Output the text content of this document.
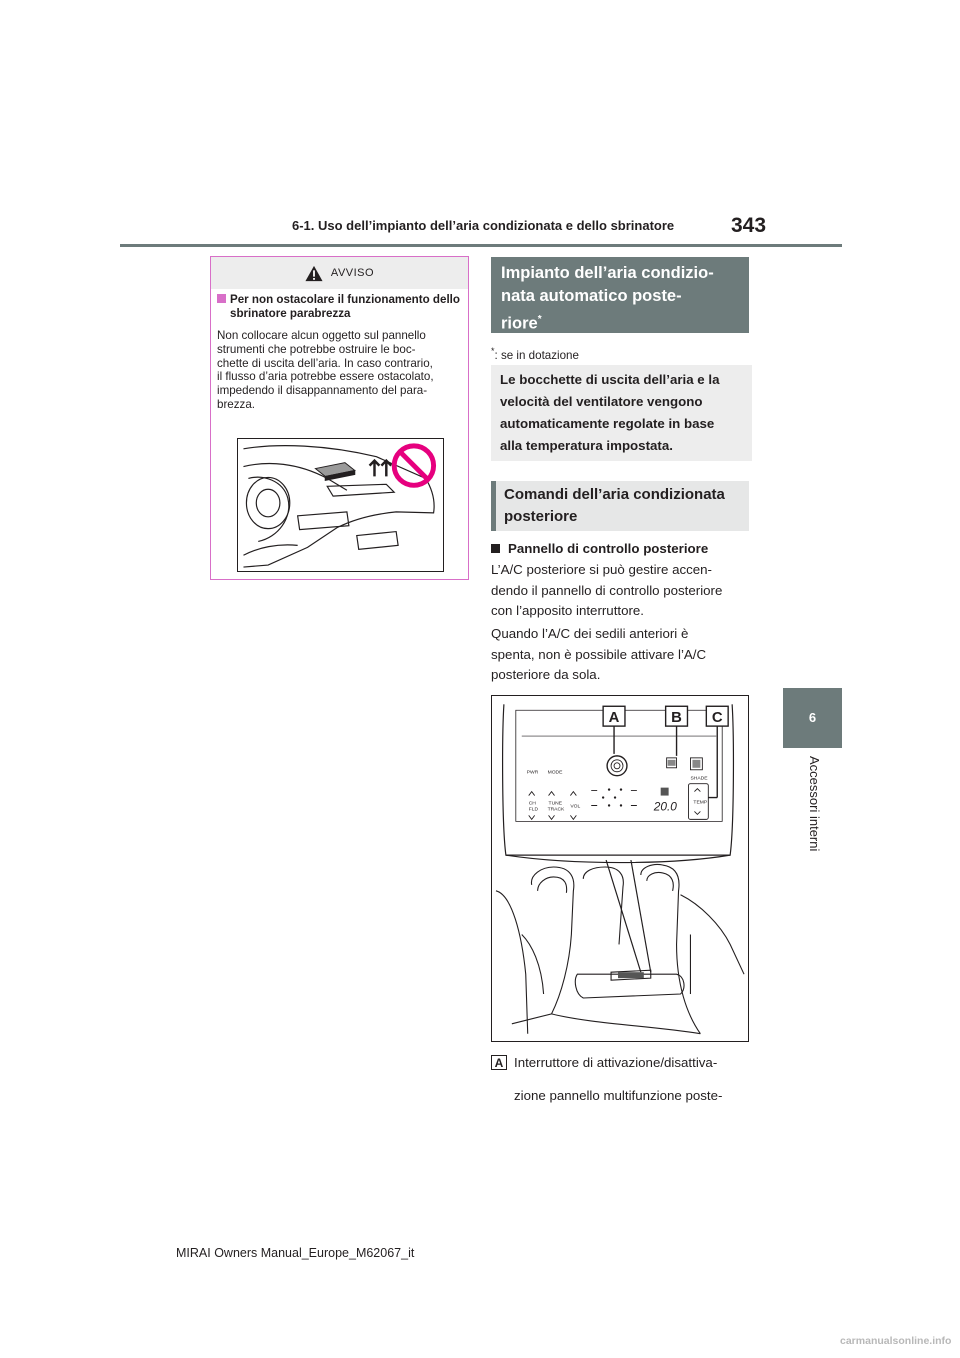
6-1. Uso dell’impianto dell’aria condizionata e dello sbrinatore	343
6
Accessori interni
AVVISO
Per non ostacolare il funzionamento dello sbrinatore parabrezza
Non collocare alcun oggetto sul pannello
strumenti che potrebbe ostruire le boc-
chette di uscita dell’aria. In caso contrario,
il flusso d’aria potrebbe essere ostacolato,
impedendo il disappannamento del para-
brezza.
Impianto dell’aria condizio-
nata automatico poste-
riore*
*: se in dotazione
Le bocchette di uscita dell’aria e la
velocità del ventilatore vengono
automaticamente regolate in base
alla temperatura impostata.
Comandi dell’aria condizionata
posteriore
Pannello di controllo posteriore
L’A/C posteriore si può gestire accen-
dendo il pannello di controllo posteriore
con l’apposito interruttore.
Quando l’A/C dei sedili anteriori è
spenta, non è possibile attivare l’A/C
posteriore da sola.
PWR MODE
CH
FLD
TUNE
TRACK
VOL
SHADE
TEMP
20.0
A	B C
A Interruttore di attivazione/disattiva-
zione pannello multifunzione poste-
MIRAI Owners Manual_Europe_M62067_it
carmanualsonline.info
